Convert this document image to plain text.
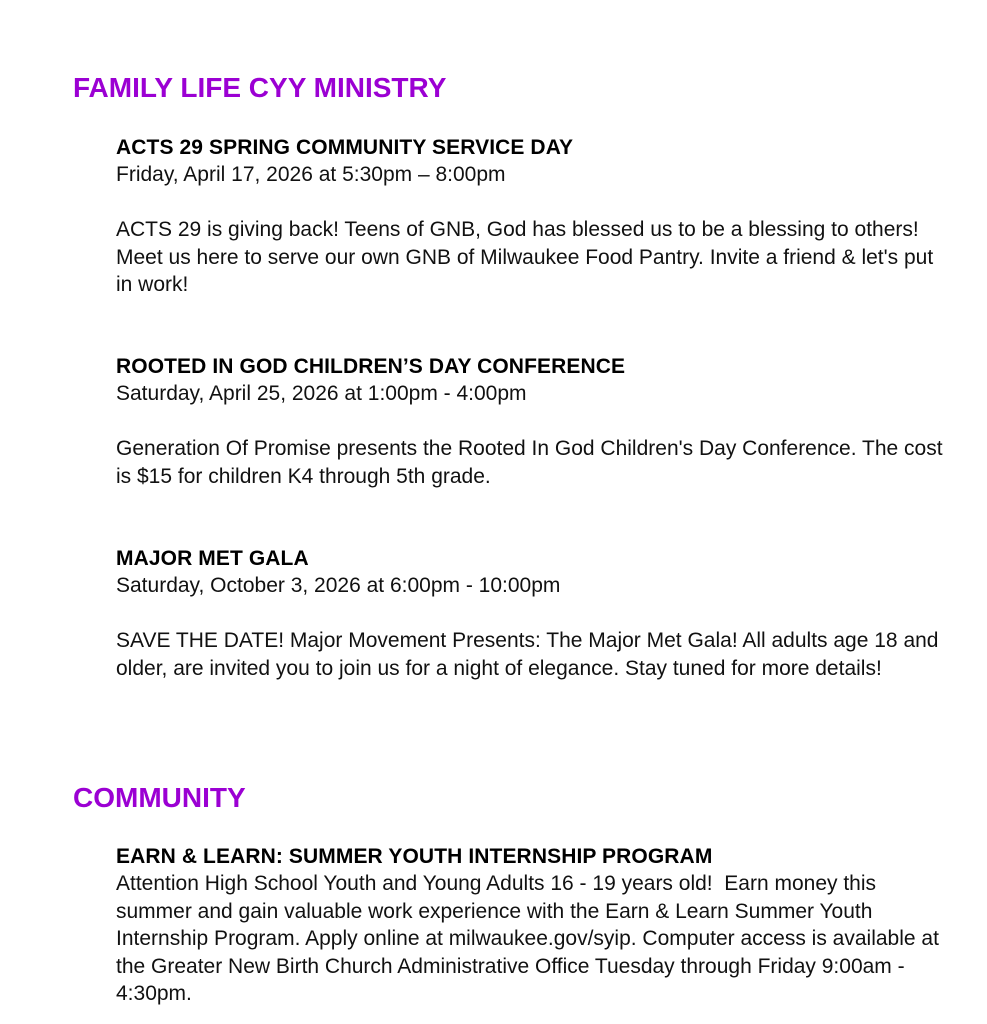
FAMILY LIFE CYY MINISTRY
ACTS 29 SPRING COMMUNITY SERVICE DAY

Friday, April 17, 2026 at 5:30pm – 8:00pm

ACTS 29 is giving back! Teens of GNB, God has blessed us to be a blessing to others! Meet us here to serve our own GNB of Milwaukee Food Pantry. Invite a friend & let's put in work!

ROOTED IN GOD CHILDREN’S DAY CONFERENCE

Saturday, April 25, 2026 at 1:00pm - 4:00pm

Generation Of Promise presents the Rooted In God Children's Day Conference. The cost is $15 for children K4 through 5th grade.

MAJOR MET GALA

Saturday, October 3, 2026 at 6:00pm - 10:00pm

SAVE THE DATE! Major Movement Presents: The Major Met Gala! All adults age 18 and older, are invited you to join us for a night of elegance. Stay tuned for more details!

COMMUNITY
EARN & LEARN: SUMMER YOUTH INTERNSHIP PROGRAM

Attention High School Youth and Young Adults 16 - 19 years old!  Earn money this summer and gain valuable work experience with the Earn & Learn Summer Youth Internship Program. Apply online at milwaukee.gov/syip. Computer access is available at the Greater New Birth Church Administrative Office Tuesday through Friday 9:00am - 4:30pm.
